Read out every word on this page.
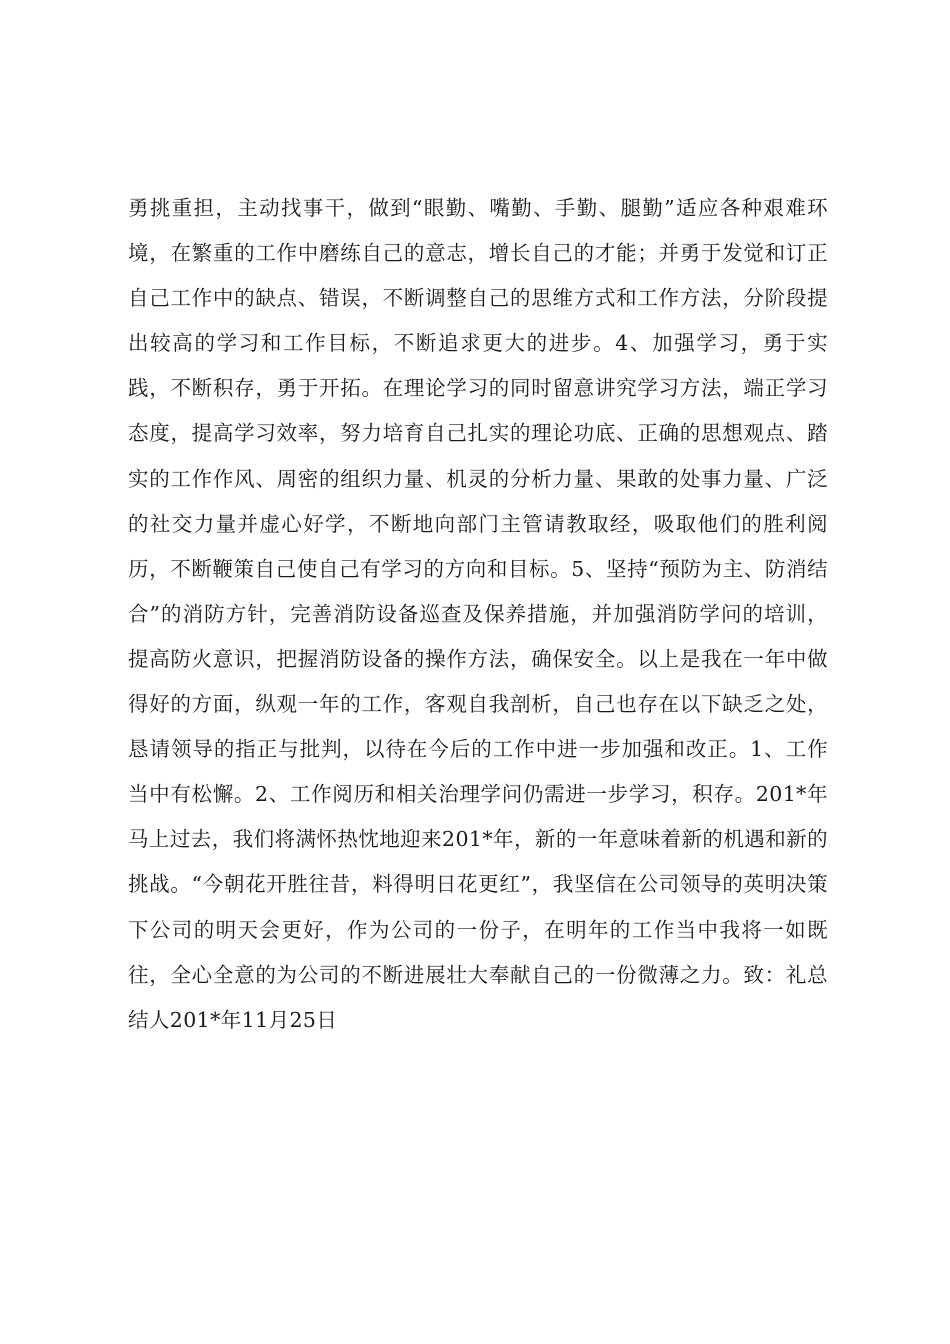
勇挑重担，主动找事干，做到“眼勤、嘴勤、手勤、腿勤”适应各种艰难环境，在繁重的工作中磨练自己的意志，增长自己的才能；并勇于发觉和订正自己工作中的缺点、错误，不断调整自己的思维方式和工作方法，分阶段提出较高的学习和工作目标，不断追求更大的进步。4、加强学习，勇于实践，不断积存，勇于开拓。在理论学习的同时留意讲究学习方法，端正学习态度，提高学习效率，努力培育自己扎实的理论功底、正确的思想观点、踏实的工作作风、周密的组织力量、机灵的分析力量、果敢的处事力量、广泛的社交力量并虚心好学，不断地向部门主管请教取经，吸取他们的胜利阅历，不断鞭策自己使自己有学习的方向和目标。5、坚持“预防为主、防消结合”的消防方针，完善消防设备巡查及保养措施，并加强消防学问的培训，提高防火意识，把握消防设备的操作方法，确保安全。以上是我在一年中做得好的方面，纵观一年的工作，客观自我剖析，自己也存在以下缺乏之处，恳请领导的指正与批判，以待在今后的工作中进一步加强和改正。1、工作当中有松懈。2、工作阅历和相关治理学问仍需进一步学习，积存。201*年马上过去，我们将满怀热忱地迎来201*年，新的一年意味着新的机遇和新的挑战。“今朝花开胜往昔，料得明日花更红”，我坚信在公司领导的英明决策下公司的明天会更好，作为公司的一份子，在明年的工作当中我将一如既往，全心全意的为公司的不断进展壮大奉献自己的一份微薄之力。致：礼总结人201*年11月25日
